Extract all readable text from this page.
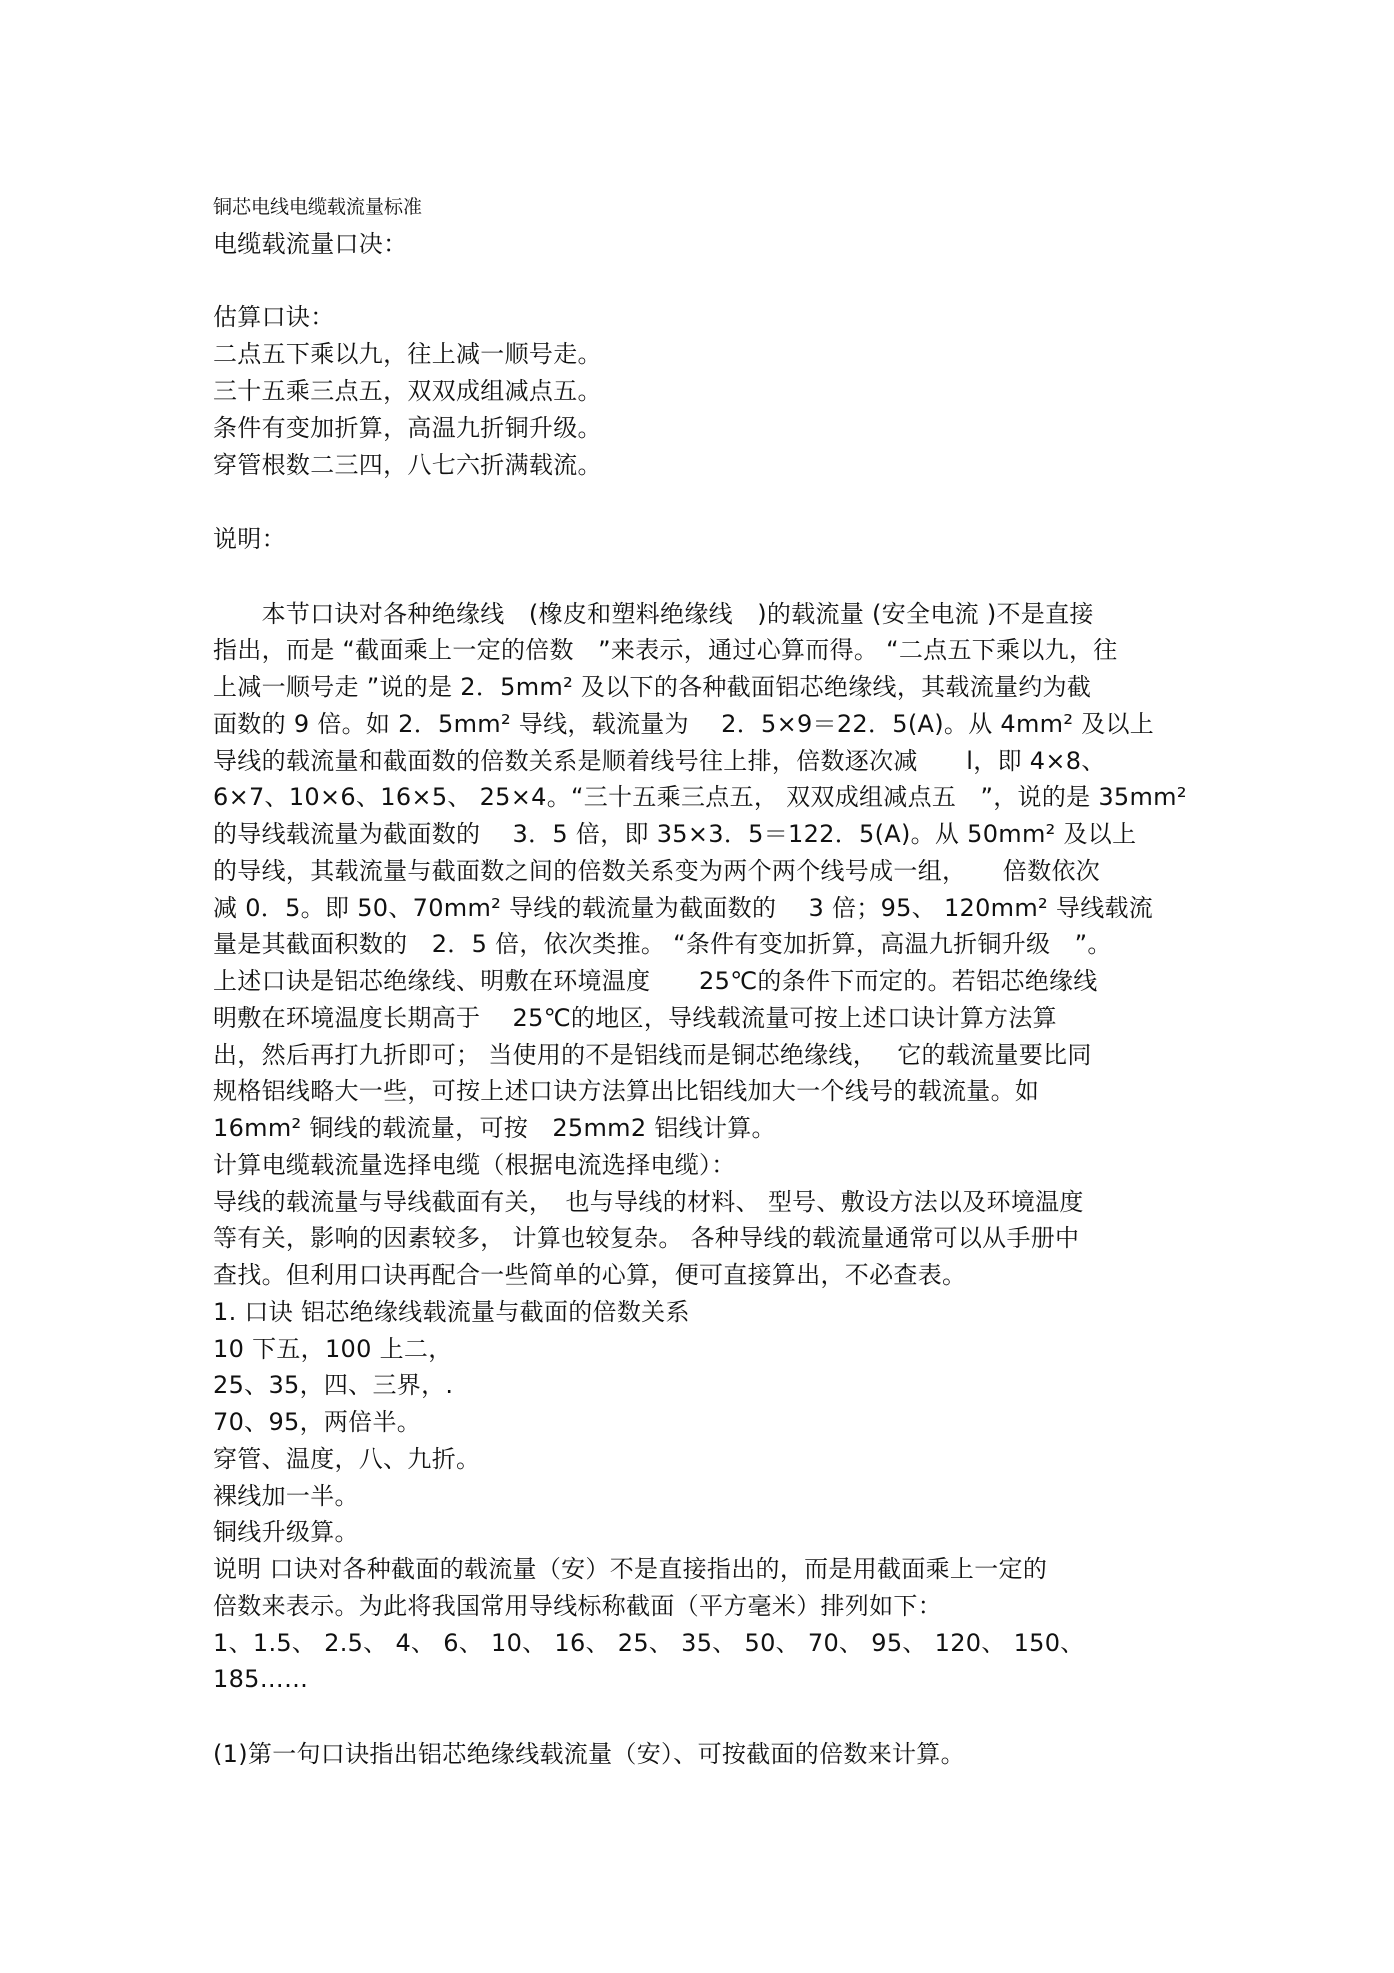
铜芯电线电缆载流量标准
电缆载流量口决：
估算口诀：
二点五下乘以九，往上减一顺号走。
三十五乘三点五，双双成组减点五。
条件有变加折算，高温九折铜升级。
穿管根数二三四，八七六折满载流。
说明：
　　本节口诀对各种绝缘线　(橡皮和塑料绝缘线　)的载流量 (安全电流 )不是直接
指出，而是 “截面乘上一定的倍数　”来表示，通过心算而得。 “二点五下乘以九，往
上减一顺号走 ”说的是 2．5mm² 及以下的各种截面铝芯绝缘线，其载流量约为截
面数的 9 倍。如 2．5mm² 导线，载流量为　 2．5×9＝22．5(A)。从 4mm² 及以上
导线的载流量和截面数的倍数关系是顺着线号往上排，倍数逐次减　　l，即 4×8、
6×7、10×6、16×5、 25×4。“三十五乘三点五， 双双成组减点五　”，说的是 35mm²
的导线载流量为截面数的　 3．5 倍，即 35×3．5＝122．5(A)。从 50mm² 及以上
的导线，其载流量与截面数之间的倍数关系变为两个两个线号成一组，　　倍数依次
减 0．5。即 50、70mm² 导线的载流量为截面数的　 3 倍；95、 120mm² 导线载流
量是其截面积数的　2．5 倍，依次类推。 “条件有变加折算，高温九折铜升级　”。
上述口诀是铝芯绝缘线、明敷在环境温度　　25℃的条件下而定的。若铝芯绝缘线
明敷在环境温度长期高于　 25℃的地区，导线载流量可按上述口诀计算方法算
出，然后再打九折即可； 当使用的不是铝线而是铜芯绝缘线，　 它的载流量要比同
规格铝线略大一些，可按上述口诀方法算出比铝线加大一个线号的载流量。如
16mm² 铜线的载流量，可按　25mm2 铝线计算。
计算电缆载流量选择电缆（根据电流选择电缆）：
导线的载流量与导线截面有关，　也与导线的材料、 型号、敷设方法以及环境温度
等有关，影响的因素较多， 计算也较复杂。 各种导线的载流量通常可以从手册中
查找。但利用口诀再配合一些简单的心算，便可直接算出，不必查表。
1. 口诀 铝芯绝缘线载流量与截面的倍数关系
10 下五，100 上二，
25、35，四、三界，.
70、95，两倍半。
穿管、温度，八、九折。
裸线加一半。
铜线升级算。
说明 口诀对各种截面的载流量（安）不是直接指出的，而是用截面乘上一定的
倍数来表示。为此将我国常用导线标称截面（平方毫米）排列如下：
1、1.5、 2.5、 4、 6、 10、 16、 25、 35、 50、 70、 95、 120、 150、
185……
(1)第一句口诀指出铝芯绝缘线载流量（安）、可按截面的倍数来计算。
